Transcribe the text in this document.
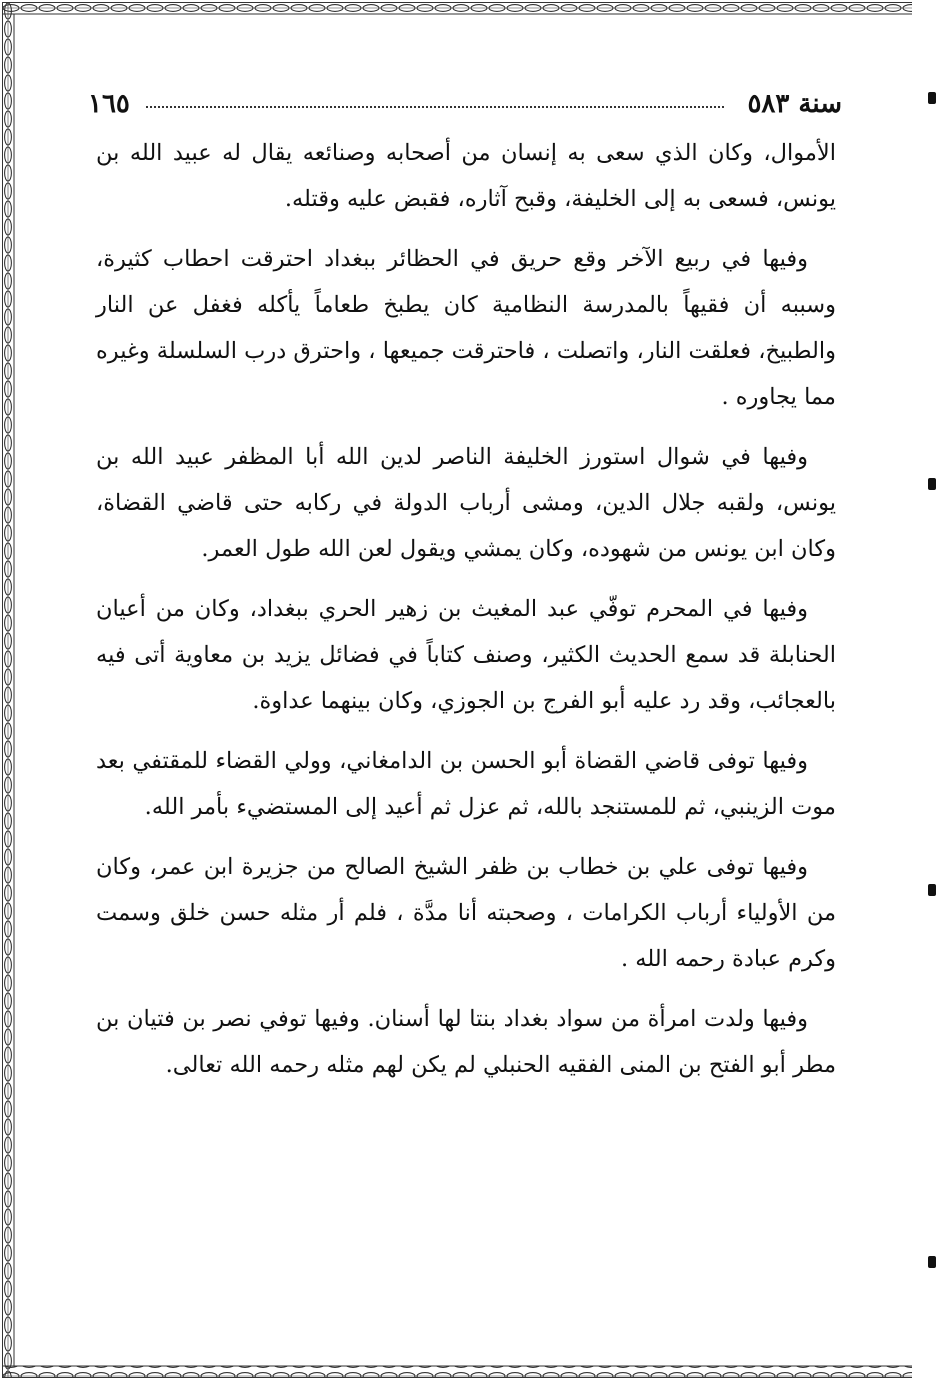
سنة ٥٨٣
١٦٥

الأموال، وكان الذي سعى به إنسان من أصحابه وصنائعه يقال له عبيد الله بن يونس، فسعى به إلى الخليفة، وقبح آثاره، فقبض عليه وقتله.

وفيها في ربيع الآخر وقع حريق في الحظائر ببغداد احترقت احطاب كثيرة، وسببه أن فقيهاً بالمدرسة النظامية كان يطبخ طعاماً يأكله فغفل عن النار والطبيخ، فعلقت النار، واتصلت ، فاحترقت جميعها ، واحترق درب السلسلة وغيره مما يجاوره .

وفيها في شوال استورز الخليفة الناصر لدين الله أبا المظفر عبيد الله بن يونس، ولقبه جلال الدين، ومشى أرباب الدولة في ركابه حتى قاضي القضاة، وكان ابن يونس من شهوده، وكان يمشي ويقول لعن الله طول العمر.

وفيها في المحرم توفّي عبد المغيث بن زهير الحري ببغداد، وكان من أعيان الحنابلة قد سمع الحديث الكثير، وصنف كتاباً في فضائل يزيد بن معاوية أتى فيه بالعجائب، وقد رد عليه أبو الفرج بن الجوزي، وكان بينهما عداوة.

وفيها توفى قاضي القضاة أبو الحسن بن الدامغاني، وولي القضاء للمقتفي بعد موت الزينبي، ثم للمستنجد بالله، ثم عزل ثم أعيد إلى المستضيء بأمر الله.

وفيها توفى علي بن خطاب بن ظفر الشيخ الصالح من جزيرة ابن عمر، وكان من الأولياء أرباب الكرامات ، وصحبته أنا مدَّة ، فلم أر مثله حسن خلق وسمت وكرم عبادة رحمه الله .

وفيها ولدت امرأة من سواد بغداد بنتا لها أسنان. وفيها توفي نصر بن فتيان بن مطر أبو الفتح بن المنى الفقيه الحنبلي لم يكن لهم مثله رحمه الله تعالى.
